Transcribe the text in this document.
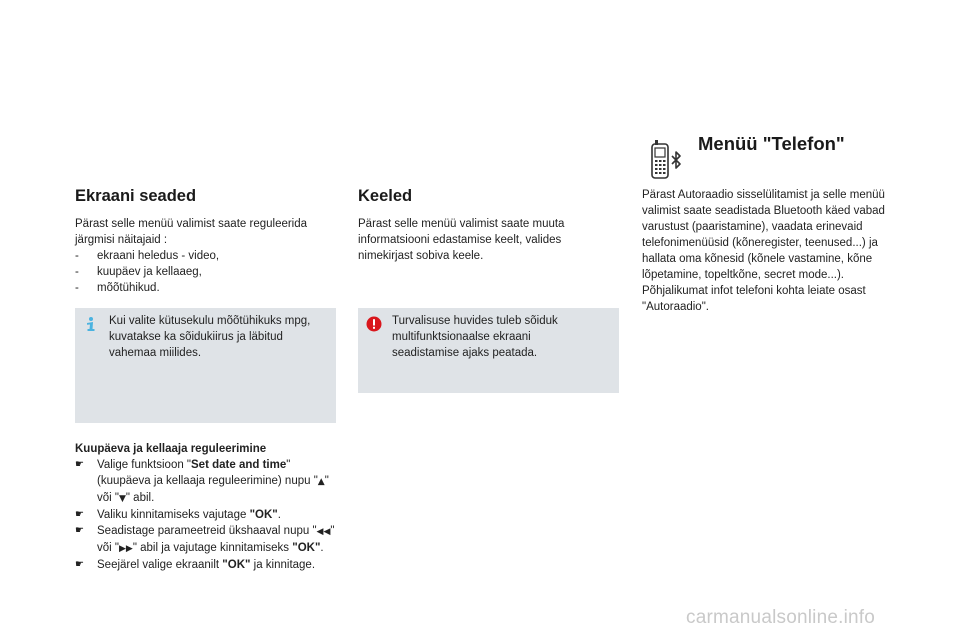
Ekraani seaded

Pärast selle menüü valimist saate reguleerida järgmisi näitajaid :

- ekraani heledus - video,
- kuupäev ja kellaaeg,
- mõõtühikud.
Kui valite kütusekulu mõõtühikuks mpg, kuvatakse ka sõidukiirus ja läbitud vahemaa miilides.
Kuupäeva ja kellaaja reguleerimine
☛ Valige funktsioon "Set date and time" (kuupäeva ja kellaaja reguleerimine) nupu "▲" või "▼" abil.
☛ Valiku kinnitamiseks vajutage "OK".
☛ Seadistage parameetreid ükshaaval nupu "◀◀" või "▶▶" abil ja vajutage kinnitamiseks "OK".
☛ Seejärel valige ekraanilt "OK" ja kinnitage.
Keeled

Pärast selle menüü valimist saate muuta informatsiooni edastamise keelt, valides nimekirjast sobiva keele.

Turvalisuse huvides tuleb sõiduk multifunktsionaalse ekraani seadistamise ajaks peatada.
Menüü "Telefon"

Pärast Autoraadio sisselülitamist ja selle menüü valimist saate seadistada Bluetooth käed vabad varustust (paaristamine), vaadata erinevaid telefonimenüüsid (kõneregister, teenused...) ja hallata oma kõnesid (kõnele vastamine, kõne lõpetamine, topeltkõne, secret mode...).

Põhjalikumat infot telefoni kohta leiate osast "Autoraadio".

carmanualsonline.info
